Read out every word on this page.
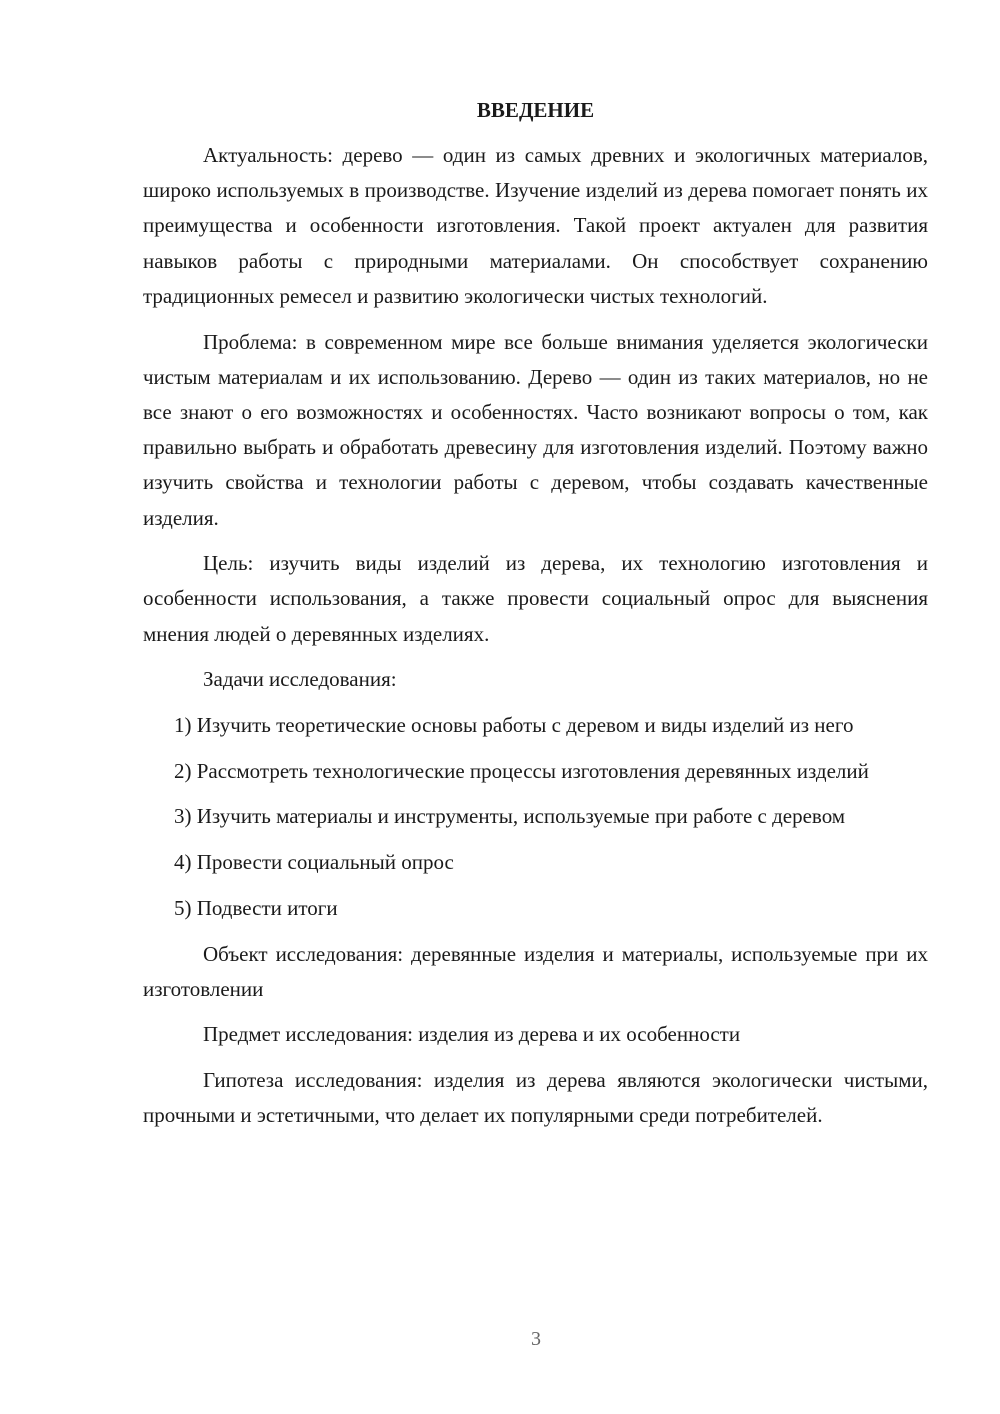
ВВЕДЕНИЕ

Актуальность: дерево — один из самых древних и экологичных материалов, широко используемых в производстве. Изучение изделий из дерева помогает понять их преимущества и особенности изготовления. Такой проект актуален для развития навыков работы с природными материалами. Он способствует сохранению традиционных ремесел и развитию экологически чистых технологий.

Проблема: в современном мире все больше внимания уделяется экологически чистым материалам и их использованию. Дерево — один из таких материалов, но не все знают о его возможностях и особенностях. Часто возникают вопросы о том, как правильно выбрать и обработать древесину для изготовления изделий. Поэтому важно изучить свойства и технологии работы с деревом, чтобы создавать качественные изделия.

Цель: изучить виды изделий из дерева, их технологию изготовления и особенности использования, а также провести социальный опрос для выяснения мнения людей о деревянных изделиях.

Задачи исследования:

1) Изучить теоретические основы работы с деревом и виды изделий из него

2) Рассмотреть технологические процессы изготовления деревянных изделий

3) Изучить материалы и инструменты, используемые при работе с деревом

4) Провести социальный опрос

5) Подвести итоги

Объект исследования: деревянные изделия и материалы, используемые при их изготовлении

Предмет исследования: изделия из дерева и их особенности

Гипотеза исследования: изделия из дерева являются экологически чистыми, прочными и эстетичными, что делает их популярными среди потребителей.

3
